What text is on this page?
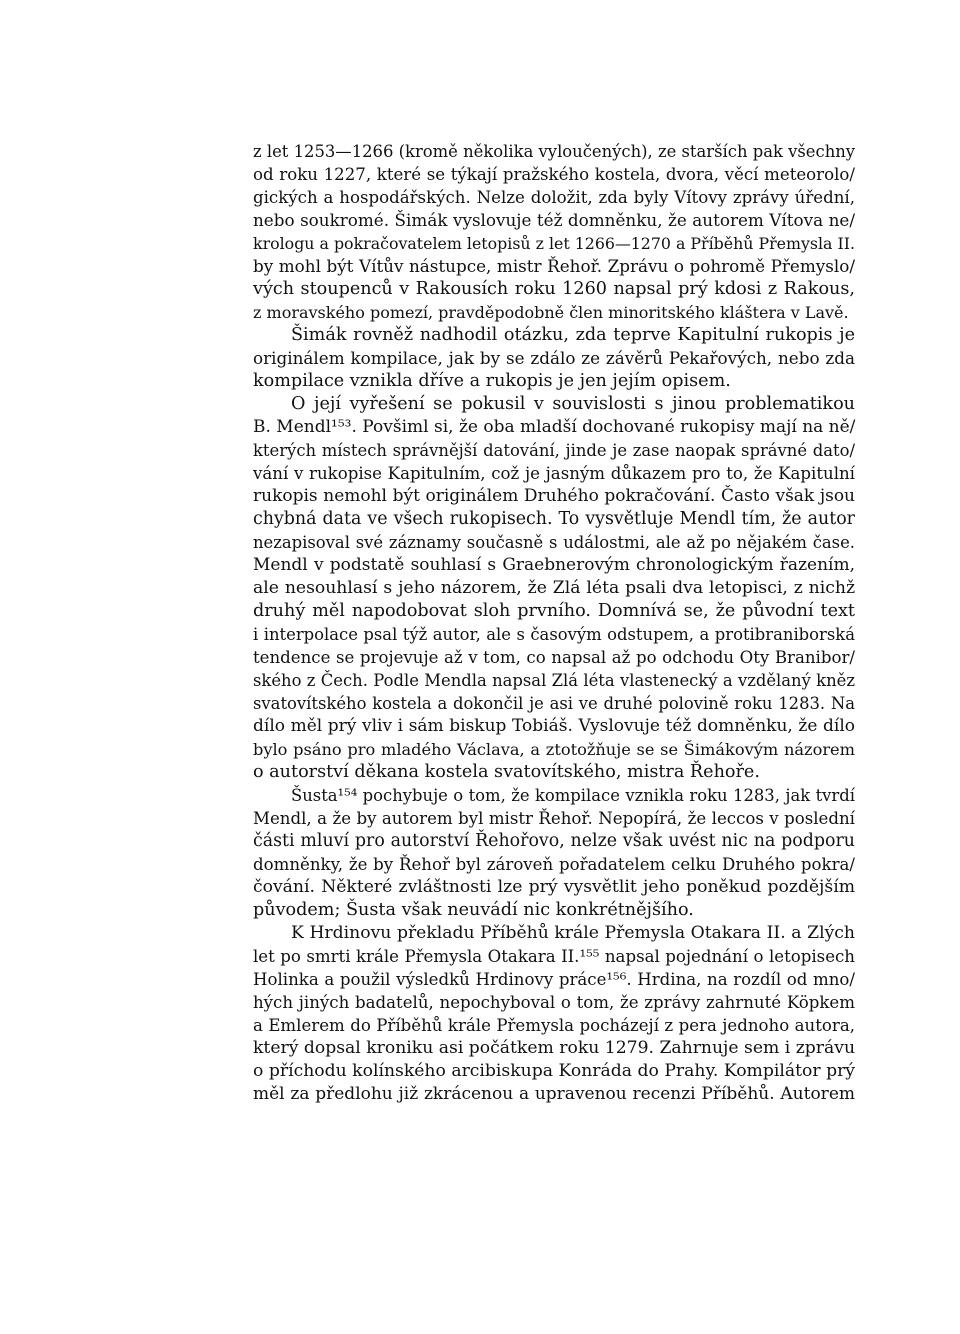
z let 1253—1266 (kromě několika vyloučených), ze starších pak všechny
od roku 1227, které se týkají pražského kostela, dvora, věcí meteorolo/
gických a hospodářských. Nelze doložit, zda byly Vítovy zprávy úřední,
nebo soukromé. Šimák vyslovuje též domněnku, že autorem Vítova ne/
krologu a pokračovatelem letopisů z let 1266—1270 a Příběhů Přemysla II.
by mohl být Vítův nástupce, mistr Řehoř. Zprávu o pohromě Přemyslo/
vých stoupenců v Rakousích roku 1260 napsal prý kdosi z Rakous,
z moravského pomezí, pravděpodobně člen minoritského kláštera v Lavě.
Šimák rovněž nadhodil otázku, zda teprve Kapitulní rukopis je
originálem kompilace, jak by se zdálo ze závěrů Pekařových, nebo zda
kompilace vznikla dříve a rukopis je jen jejím opisem.
O její vyřešení se pokusil v souvislosti s jinou problematikou
B. Mendl¹⁵³. Povšiml si, že oba mladší dochované rukopisy mají na ně/
kterých místech správnější datování, jinde je zase naopak správné dato/
vání v rukopise Kapitulním, což je jasným důkazem pro to, že Kapitulní
rukopis nemohl být originálem Druhého pokračování. Často však jsou
chybná data ve všech rukopisech. To vysvětluje Mendl tím, že autor
nezapisoval své záznamy současně s událostmi, ale až po nějakém čase.
Mendl v podstatě souhlasí s Graebnerovým chronologickým řazením,
ale nesouhlasí s jeho názorem, že Zlá léta psali dva letopisci, z nichž
druhý měl napodobovat sloh prvního. Domnívá se, že původní text
i interpolace psal týž autor, ale s časovým odstupem, a protibraniborská
tendence se projevuje až v tom, co napsal až po odchodu Oty Branibor/
ského z Čech. Podle Mendla napsal Zlá léta vlastenecký a vzdělaný kněz
svatovítského kostela a dokončil je asi ve druhé polovině roku 1283. Na
dílo měl prý vliv i sám biskup Tobiáš. Vyslovuje též domněnku, že dílo
bylo psáno pro mladého Václava, a ztotožňuje se se Šimákovým názorem
o autorství děkana kostela svatovítského, mistra Řehoře.
Šusta¹⁵⁴ pochybuje o tom, že kompilace vznikla roku 1283, jak tvrdí
Mendl, a že by autorem byl mistr Řehoř. Nepopírá, že leccos v poslední
části mluví pro autorství Řehořovo, nelze však uvést nic na podporu
domněnky, že by Řehoř byl zároveň pořadatelem celku Druhého pokra/
čování. Některé zvláštnosti lze prý vysvětlit jeho poněkud pozdějším
původem; Šusta však neuvádí nic konkrétnějšího.
K Hrdinovu překladu Příběhů krále Přemysla Otakara II. a Zlých
let po smrti krále Přemysla Otakara II.¹⁵⁵ napsal pojednání o letopisech
Holinka a použil výsledků Hrdinovy práce¹⁵⁶. Hrdina, na rozdíl od mno/
hých jiných badatelů, nepochyboval o tom, že zprávy zahrnuté Köpkem
a Emlerem do Příběhů krále Přemysla pocházejí z pera jednoho autora,
který dopsal kroniku asi počátkem roku 1279. Zahrnuje sem i zprávu
o příchodu kolínského arcibiskupa Konráda do Prahy. Kompilátor prý
měl za předlohu již zkrácenou a upravenou recenzi Příběhů. Autorem
